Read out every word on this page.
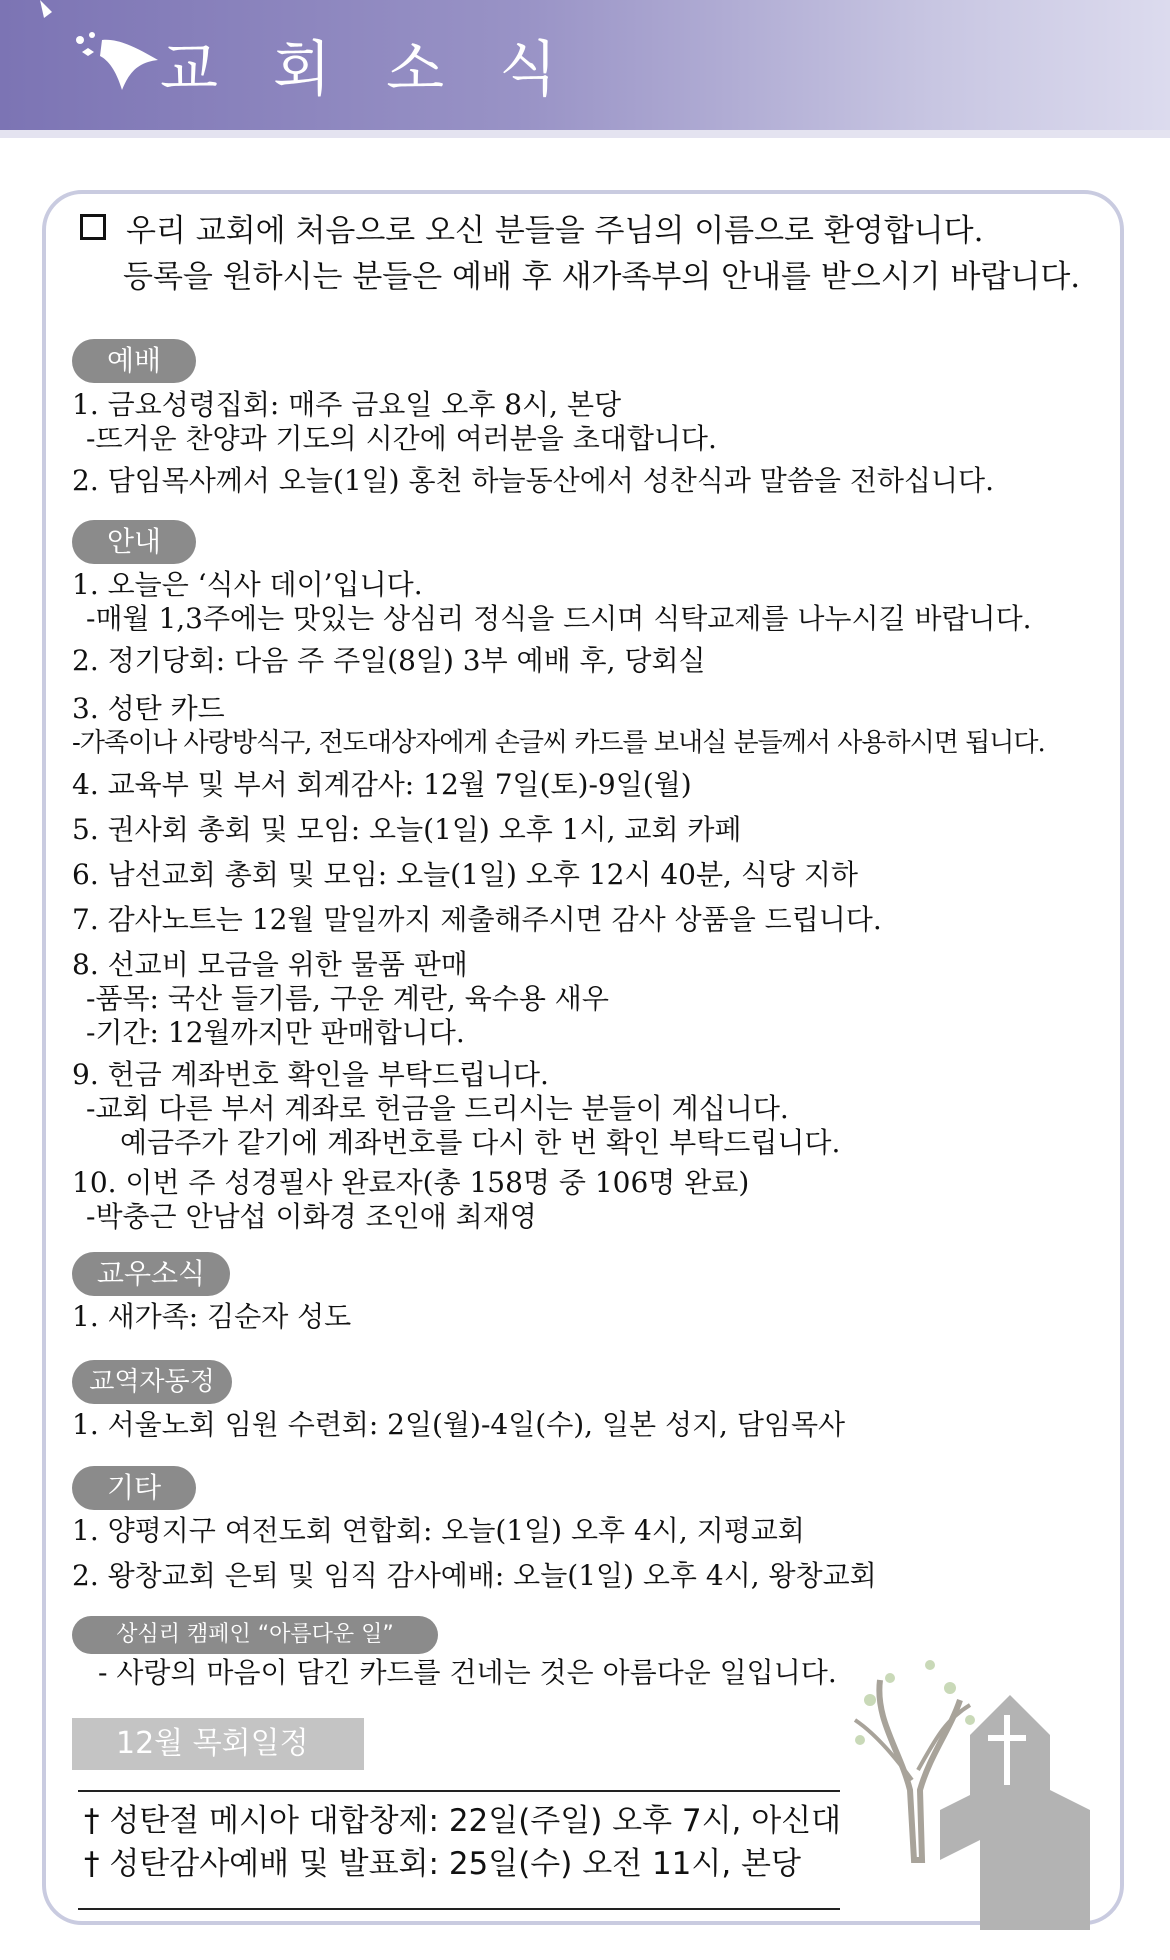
교 회 소 식
우리 교회에 처음으로 오신 분들을 주님의 이름으로 환영합니다.
등록을 원하시는 분들은 예배 후 새가족부의 안내를 받으시기 바랍니다.
예배
1. 금요성령집회: 매주 금요일 오후 8시, 본당
-뜨거운 찬양과 기도의 시간에 여러분을 초대합니다.
2. 담임목사께서 오늘(1일) 홍천 하늘동산에서 성찬식과 말씀을 전하십니다.
안내
1. 오늘은 ‘식사 데이’입니다.
-매월 1,3주에는 맛있는 상심리 정식을 드시며 식탁교제를 나누시길 바랍니다.
2. 정기당회: 다음 주 주일(8일) 3부 예배 후, 당회실
3. 성탄 카드
-가족이나 사랑방식구, 전도대상자에게 손글씨 카드를 보내실 분들께서 사용하시면 됩니다.
4. 교육부 및 부서 회계감사: 12월 7일(토)-9일(월)
5. 권사회 총회 및 모임: 오늘(1일) 오후 1시, 교회 카페
6. 남선교회 총회 및 모임: 오늘(1일) 오후 12시 40분, 식당 지하
7. 감사노트는 12월 말일까지 제출해주시면 감사 상품을 드립니다.
8. 선교비 모금을 위한 물품 판매
-품목: 국산 들기름, 구운 계란, 육수용 새우
-기간: 12월까지만 판매합니다.
9. 헌금 계좌번호 확인을 부탁드립니다.
-교회 다른 부서 계좌로 헌금을 드리시는 분들이 계십니다.
예금주가 같기에 계좌번호를 다시 한 번 확인 부탁드립니다.
10. 이번 주 성경필사 완료자(총 158명 중 106명 완료)
-박충근 안남섭 이화경 조인애 최재영
교우소식
1. 새가족: 김순자 성도
교역자동정
1. 서울노회 임원 수련회: 2일(월)-4일(수), 일본 성지, 담임목사
기타
1. 양평지구 여전도회 연합회: 오늘(1일) 오후 4시, 지평교회
2. 왕창교회 은퇴 및 임직 감사예배: 오늘(1일) 오후 4시, 왕창교회
상심리 캠페인 “아름다운 일”
- 사랑의 마음이 담긴 카드를 건네는 것은 아름다운 일입니다.
12월 목회일정
† 성탄절 메시아 대합창제: 22일(주일) 오후 7시, 아신대
† 성탄감사예배 및 발표회: 25일(수) 오전 11시, 본당
